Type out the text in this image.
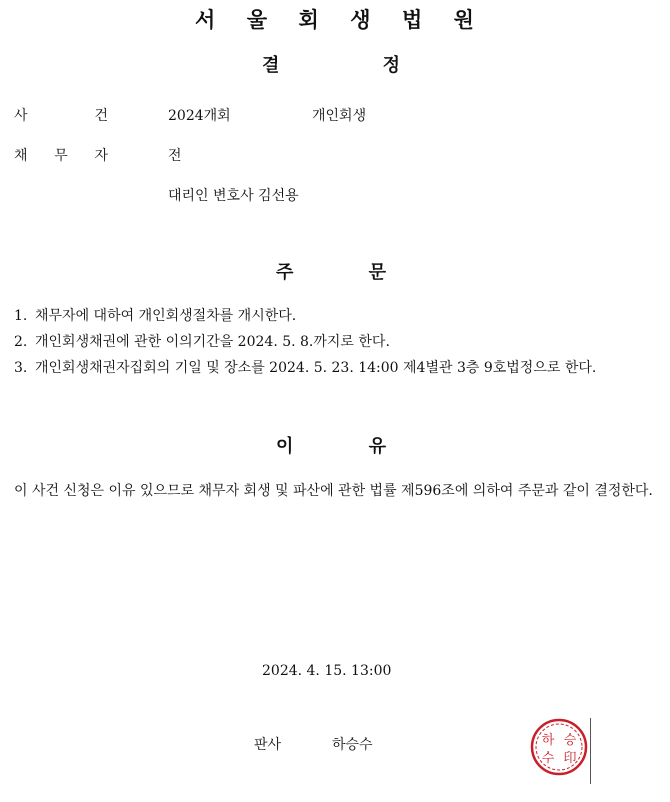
서 울 회 생 법 원
결	정
사	건	2024개회	개인회생
채 무 자	전
대리인 변호사 김선용
주	문
1. 채무자에 대하여 개인회생절차를 개시한다.
2. 개인회생채권에 관한 이의기간을 2024. 5. 8.까지로 한다.
3. 개인회생채권자집회의 기일 및 장소를 2024. 5. 23. 14:00 제4별관 3층 9호법정으로 한다.
이	유
이 사건 신청은 이유 있으므로 채무자 회생 및 파산에 관한 법률 제596조에 의하여 주문과 같이 결정한다.
2024. 4. 15. 13:00
판사	하승수	하 승
수 印
